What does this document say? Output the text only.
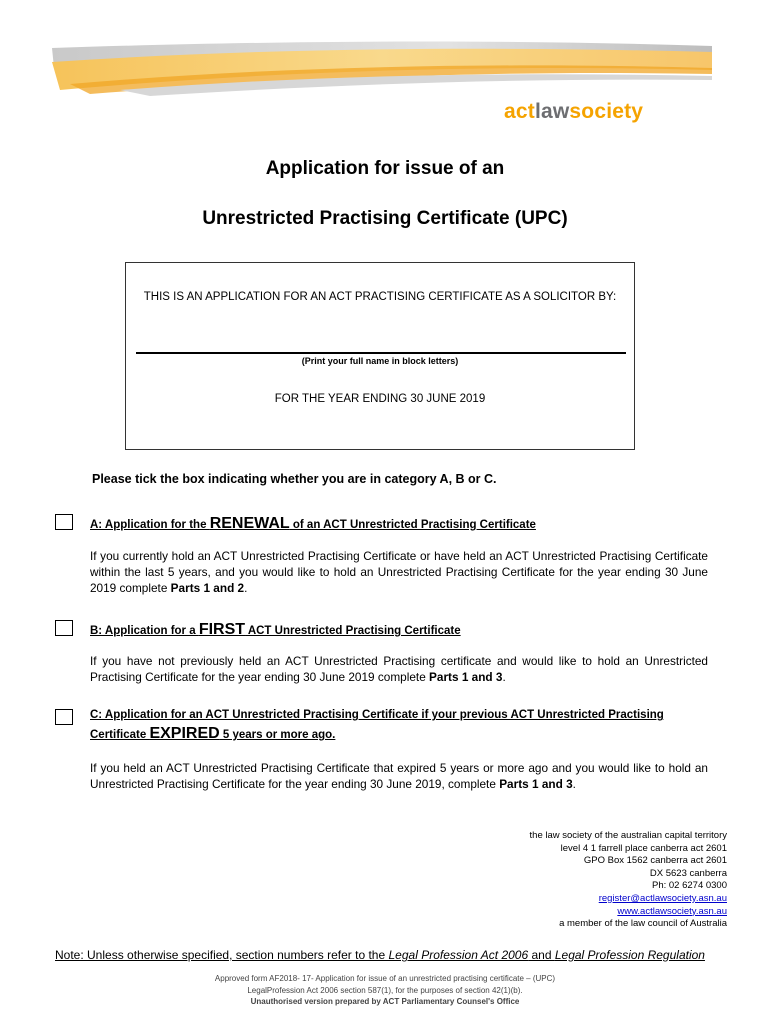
actlawsociety
Application for issue of an
Unrestricted Practising Certificate (UPC)
THIS IS AN APPLICATION FOR AN ACT PRACTISING CERTIFICATE AS A SOLICITOR BY:
(Print your full name in block letters)
FOR THE YEAR ENDING 30 JUNE 2019
Please tick the box indicating whether you are in category A, B or C.
A: Application for the RENEWAL of an ACT Unrestricted Practising Certificate
If you currently hold an ACT Unrestricted Practising Certificate or have held an ACT Unrestricted Practising Certificate within the last 5 years, and you would like to hold an Unrestricted Practising Certificate for the year ending 30 June 2019 complete Parts 1 and 2.
B: Application for a FIRST ACT Unrestricted Practising Certificate
If you have not previously held an ACT Unrestricted Practising certificate and would like to hold an Unrestricted Practising Certificate for the year ending 30 June 2019 complete Parts 1 and 3.
C: Application for an ACT Unrestricted Practising Certificate if your previous ACT Unrestricted Practising
Certificate EXPIRED 5 years or more ago.
If you held an ACT Unrestricted Practising Certificate that expired 5 years or more ago and you would like to hold an Unrestricted Practising Certificate for the year ending 30 June 2019, complete Parts 1 and 3.
the law society of the australian capital territory
level 4 1 farrell place canberra act 2601
GPO Box 1562 canberra act 2601
DX 5623 canberra
Ph: 02 6274 0300
register@actlawsociety.asn.au
www.actlawsociety.asn.au
a member of the law council of Australia
Note: Unless otherwise specified, section numbers refer to the Legal Profession Act 2006 and Legal Profession Regulation
Approved form AF2018- 17- Application for issue of an unrestricted practising certificate – (UPC)
LegalProfession Act 2006 section 587(1), for the purposes of section 42(1)(b).
Unauthorised version prepared by ACT Parliamentary Counsel's Office
